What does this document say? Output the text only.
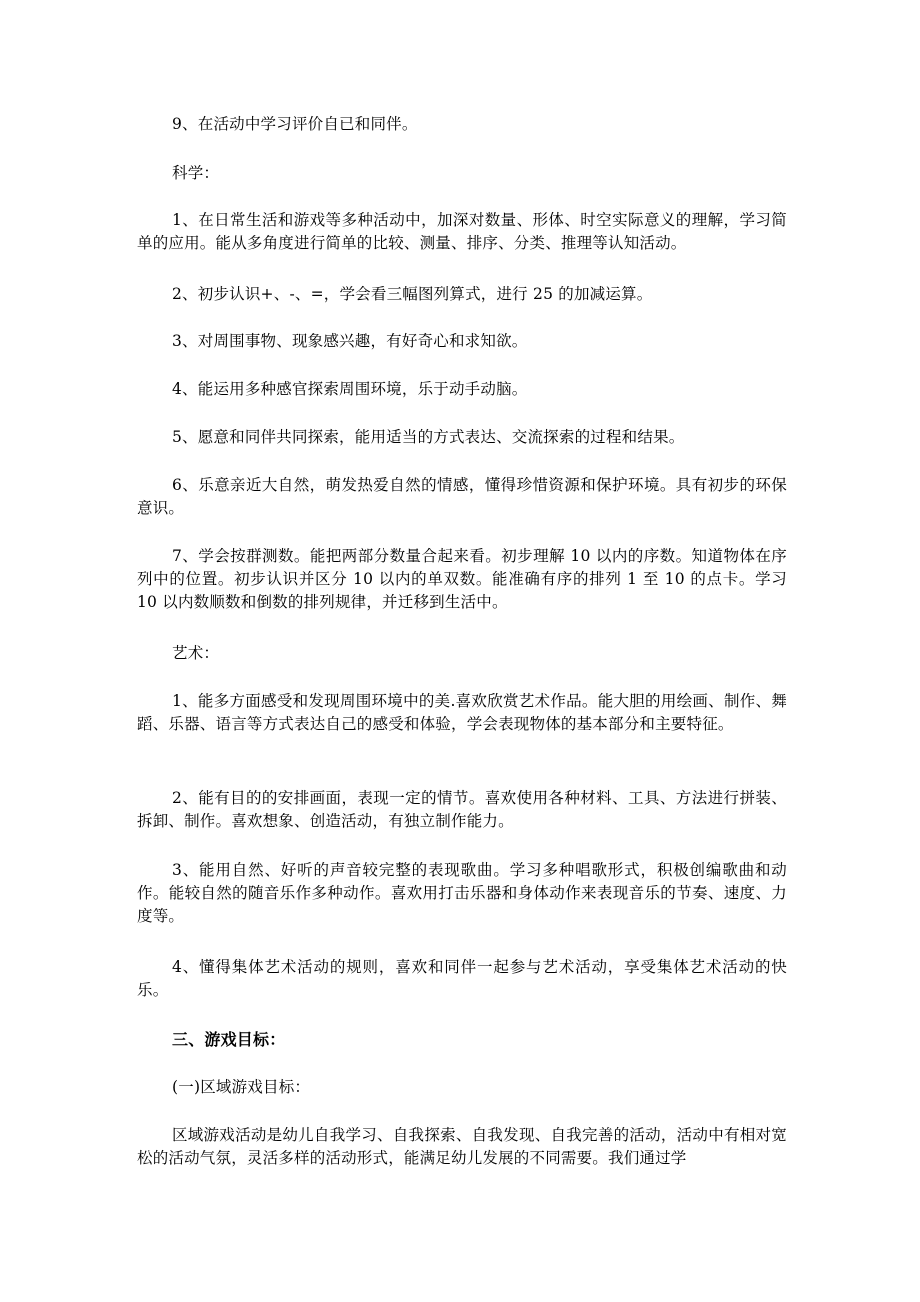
9、在活动中学习评价自已和同伴。

科学：

1、在日常生活和游戏等多种活动中，加深对数量、形体、时空实际意义的理解，学习简单的应用。能从多角度进行简单的比较、测量、排序、分类、推理等认知活动。

2、初步认识+、-、=，学会看三幅图列算式，进行 25 的加减运算。

3、对周围事物、现象感兴趣，有好奇心和求知欲。

4、能运用多种感官探索周围环境，乐于动手动脑。

5、愿意和同伴共同探索，能用适当的方式表达、交流探索的过程和结果。

6、乐意亲近大自然，萌发热爱自然的情感，懂得珍惜资源和保护环境。具有初步的环保意识。

7、学会按群测数。能把两部分数量合起来看。初步理解 10 以内的序数。知道物体在序列中的位置。初步认识并区分 10 以内的单双数。能准确有序的排列 1 至 10 的点卡。学习 10 以内数顺数和倒数的排列规律，并迁移到生活中。

艺术：

1、能多方面感受和发现周围环境中的美.喜欢欣赏艺术作品。能大胆的用绘画、制作、舞蹈、乐器、语言等方式表达自己的感受和体验，学会表现物体的基本部分和主要特征。

2、能有目的的安排画面，表现一定的情节。喜欢使用各种材料、工具、方法进行拼装、拆卸、制作。喜欢想象、创造活动，有独立制作能力。

3、能用自然、好听的声音较完整的表现歌曲。学习多种唱歌形式，积极创编歌曲和动作。能较自然的随音乐作多种动作。喜欢用打击乐器和身体动作来表现音乐的节奏、速度、力度等。

4、懂得集体艺术活动的规则，喜欢和同伴一起参与艺术活动，享受集体艺术活动的快乐。

三、游戏目标：

(一)区域游戏目标：

区域游戏活动是幼儿自我学习、自我探索、自我发现、自我完善的活动，活动中有相对宽松的活动气氛，灵活多样的活动形式，能满足幼儿发展的不同需要。我们通过学
